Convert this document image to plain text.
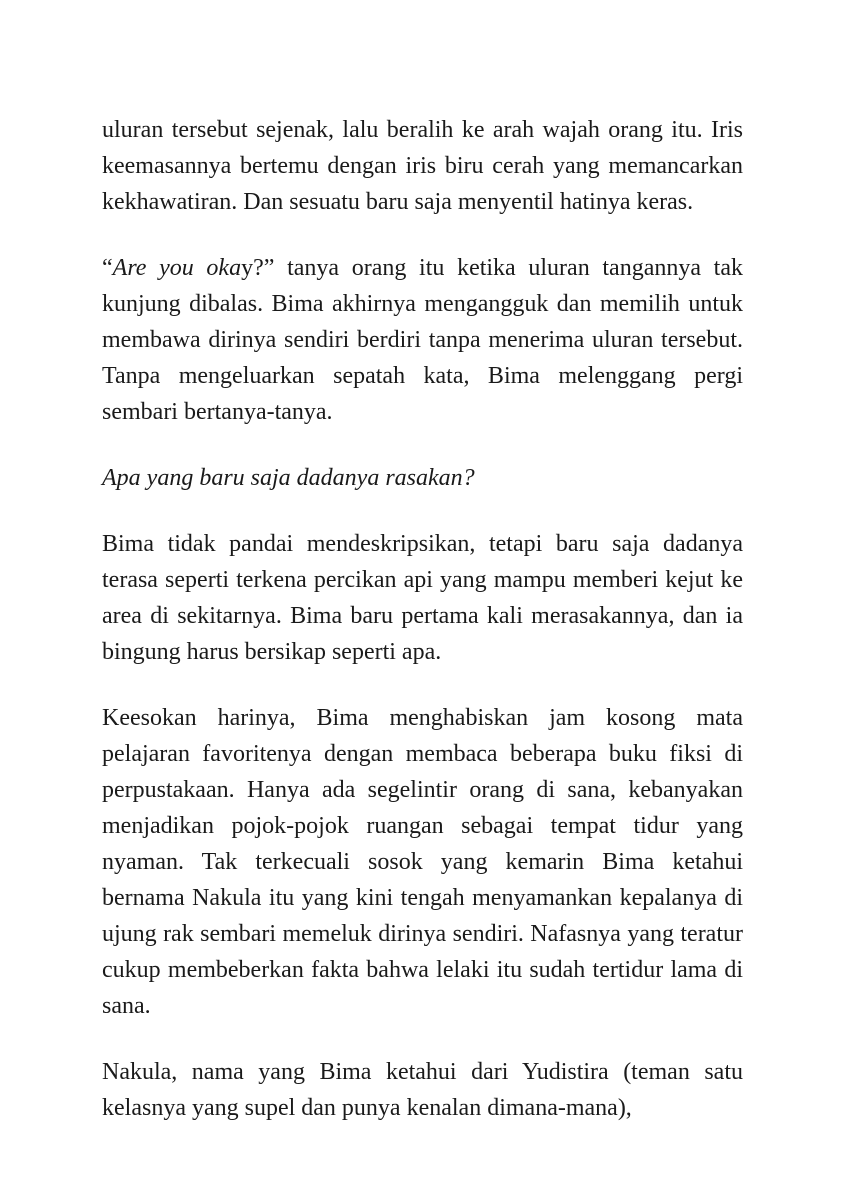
uluran tersebut sejenak, lalu beralih ke arah wajah orang itu. Iris keemasannya bertemu dengan iris biru cerah yang memancarkan kekhawatiran. Dan sesuatu baru saja menyentil hatinya keras.

“Are you okay?” tanya orang itu ketika uluran tangannya tak kunjung dibalas. Bima akhirnya mengangguk dan memilih untuk membawa dirinya sendiri berdiri tanpa menerima uluran tersebut. Tanpa mengeluarkan sepatah kata, Bima melenggang pergi sembari bertanya-tanya.

Apa yang baru saja dadanya rasakan?

Bima tidak pandai mendeskripsikan, tetapi baru saja dadanya terasa seperti terkena percikan api yang mampu memberi kejut ke area di sekitarnya. Bima baru pertama kali merasakannya, dan ia bingung harus bersikap seperti apa.

Keesokan harinya, Bima menghabiskan jam kosong mata pelajaran favoritenya dengan membaca beberapa buku fiksi di perpustakaan. Hanya ada segelintir orang di sana, kebanyakan menjadikan pojok-pojok ruangan sebagai tempat tidur yang nyaman. Tak terkecuali sosok yang kemarin Bima ketahui bernama Nakula itu yang kini tengah menyamankan kepalanya di ujung rak sembari memeluk dirinya sendiri. Nafasnya yang teratur cukup membeberkan fakta bahwa lelaki itu sudah tertidur lama di sana.

Nakula, nama yang Bima ketahui dari Yudistira (teman satu kelasnya yang supel dan punya kenalan dimana-mana),
